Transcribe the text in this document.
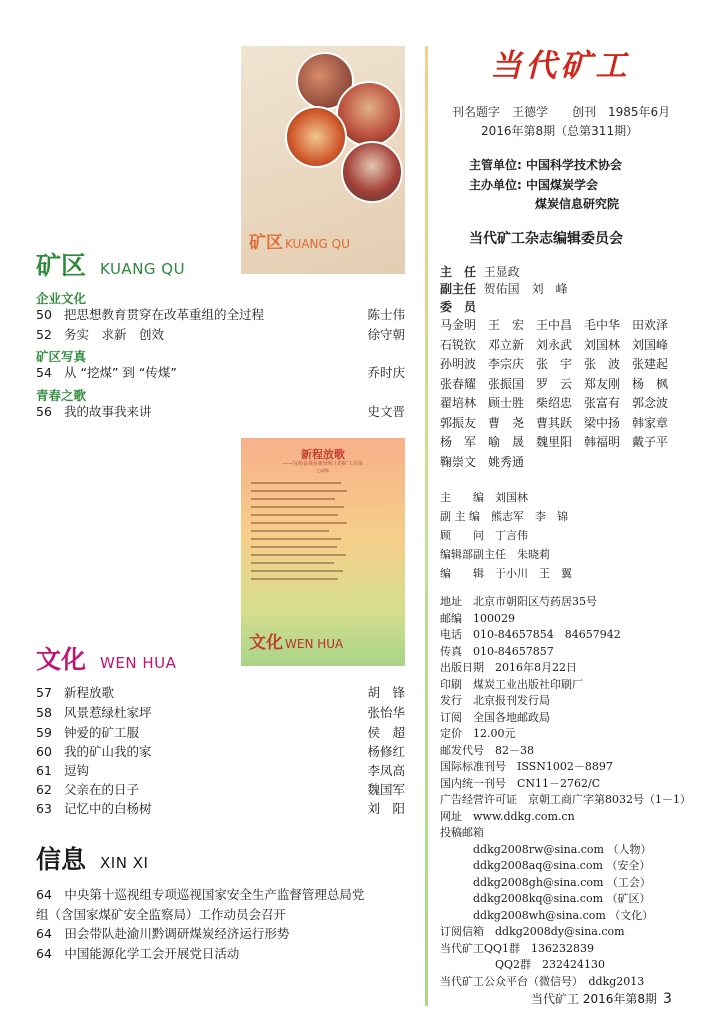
矿区 KUANG QU
新程放歌
——写给奋战在新征程上的矿工兄弟
□胡锋
文化 WEN HUA
矿区 KUANG QU
企业文化
50 把思想教育贯穿在改革重组的全过程	陈士伟
52 务实　求新　创效	徐守朝
矿区写真
54 从 “挖煤” 到 “传煤”	乔时庆
青春之歌
56 我的故事我来讲	史文晋
文化 WEN HUA
57 新程放歌	胡　锋
58 风景惹绿杜家坪	张怡华
59 钟爱的矿工服	侯　超
60 我的矿山我的家	杨修红
61 逗钩	李凤高
62 父亲在的日子	魏国军
63 记忆中的白杨树	刘　阳
信息 XIN XI
64　中央第十巡视组专项巡视国家安全生产监督管理总局党
组（含国家煤矿安全监察局）工作动员会召开
64　田会带队赴渝川黔调研煤炭经济运行形势
64　中国能源化学工会开展党日活动
当代矿工
刊名题字　王德学　　创刊　1985年6月
2016年第8期（总第311期）
主管单位: 中国科学技术协会
主办单位: 中国煤炭学会
煤炭信息研究院
当代矿工杂志编辑委员会
主　任 王显政
副主任 贺佑国　刘　峰
委　员
马金明　王　宏　王中昌　毛中华　田欢泽
石锐钦　邓立新　刘永武　刘国林　刘国峰
孙明波　李宗庆　张　宇　张　波　张建起
张春耀　张振国　罗　云　郑友刚　杨　枫
翟培林　顾士胜　柴绍忠　张富有　郭念波
郭振友　曹　尧　曹其跃　梁中扬　韩家章
杨　军　喻　晟　魏里阳　韩福明　戴子平
鞠崇文　姚秀通
主　　编　刘国林
副 主 编　熊志军　李　锦
顾　　问　丁言伟
编辑部副主任　朱晓莉
编　　辑　于小川　王　翼
地址　北京市朝阳区芍药居35号
邮编　100029
电话　010-84657854　84657942
传真　010-84657857
出版日期　2016年8月22日
印刷　煤炭工业出版社印刷厂
发行　北京报刊发行局
订阅　全国各地邮政局
定价　12.00元
邮发代号　82－38
国际标准刊号　ISSN1002－8897
国内统一刊号　CN11－2762/C
广告经营许可证　京朝工商广字第8032号（1－1）
网址　www.ddkg.com.cn
投稿邮箱
　　　ddkg2008rw@sina.com （人物）
　　　ddkg2008aq@sina.com （安全）
　　　ddkg2008gh@sina.com （工会）
　　　ddkg2008kq@sina.com （矿区）
　　　ddkg2008wh@sina.com （文化）
订阅信箱　ddkg2008dy@sina.com
当代矿工QQ1群　136232839
　　　　　QQ2群　232424130
当代矿工公众平台（微信号）　ddkg2013
当代矿工 2016年第8期 3
